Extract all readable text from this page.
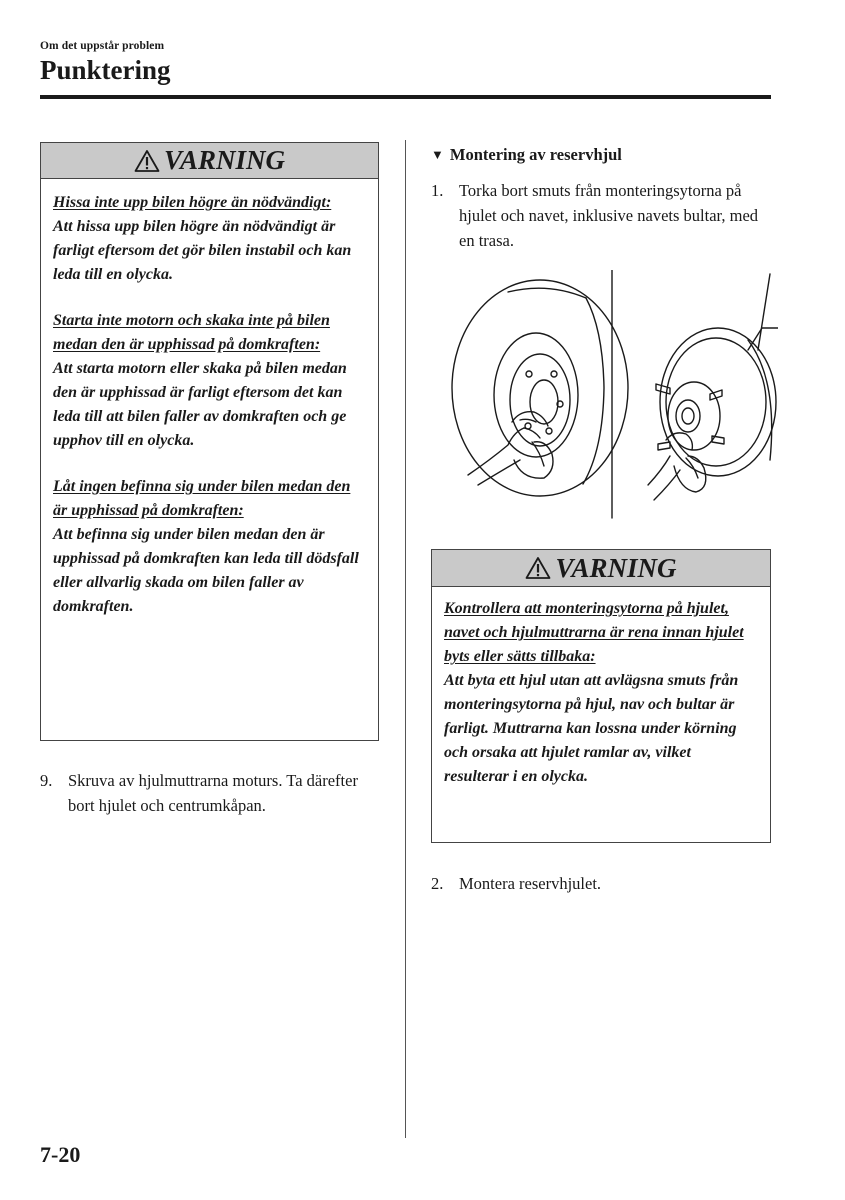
Om det uppstår problem
Punktering
VARNING
Hissa inte upp bilen högre än nödvändigt:
Att hissa upp bilen högre än nödvändigt är farligt eftersom det gör bilen instabil och kan leda till en olycka.
Starta inte motorn och skaka inte på bilen medan den är upphissad på domkraften:
Att starta motorn eller skaka på bilen medan den är upphissad är farligt eftersom det kan leda till att bilen faller av domkraften och ge upphov till en olycka.
Låt ingen befinna sig under bilen medan den är upphissad på domkraften:
Att befinna sig under bilen medan den är upphissad på domkraften kan leda till dödsfall eller allvarlig skada om bilen faller av domkraften.
9. Skruva av hjulmuttrarna moturs. Ta därefter bort hjulet och centrumkåpan.
▼ Montering av reservhjul
1. Torka bort smuts från monteringsytorna på hjulet och navet, inklusive navets bultar, med en trasa.
VARNING
Kontrollera att monteringsytorna på hjulet, navet och hjulmuttrarna är rena innan hjulet byts eller sätts tillbaka:
Att byta ett hjul utan att avlägsna smuts från monteringsytorna på hjul, nav och bultar är farligt. Muttrarna kan lossna under körning och orsaka att hjulet ramlar av, vilket resulterar i en olycka.
2. Montera reservhjulet.
7-20
